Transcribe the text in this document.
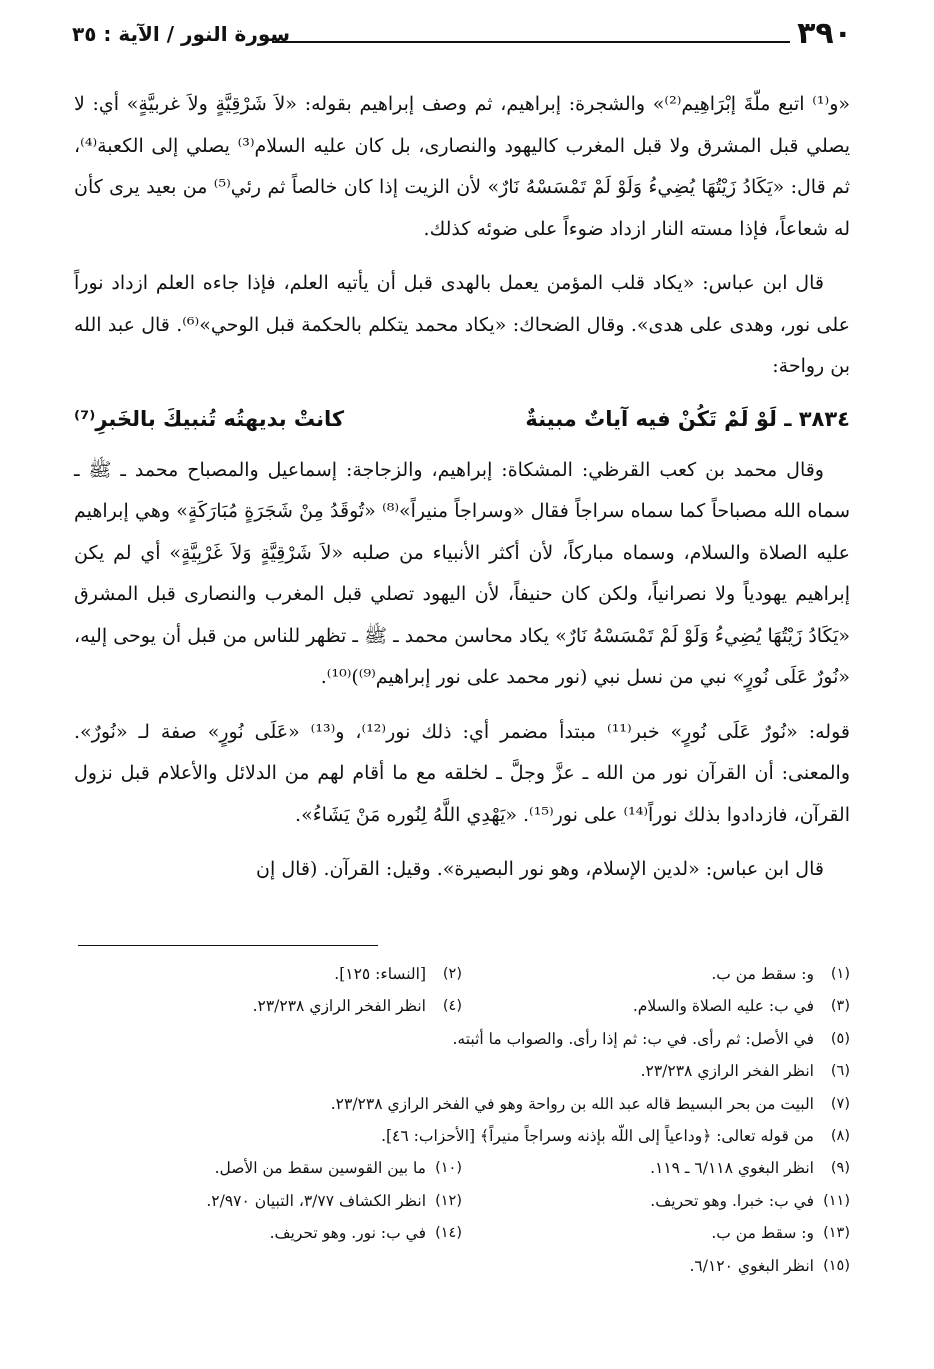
٣٩٠
سورة النور / الآية : ٣٥

«و⁽¹⁾ اتبع ملّةَ إبْرَاهِيم⁽²⁾» والشجرة: إبراهيم، ثم وصف إبراهيم بقوله: «لاَ شَرْقِيَّةٍ ولاَ غربيَّةٍ» أي: لا يصلي قبل المشرق ولا قبل المغرب كاليهود والنصارى، بل كان عليه السلام⁽³⁾ يصلي إلى الكعبة⁽⁴⁾، ثم قال: «يَكَادُ زَيْتُهَا يُضِيءُ وَلَوْ لَمْ تَمْسَسْهُ نَارٌ» لأن الزيت إذا كان خالصاً ثم رئي⁽⁵⁾ من بعيد يرى كأن له شعاعاً، فإذا مسته النار ازداد ضوءاً على ضوئه كذلك.

قال ابن عباس: «يكاد قلب المؤمن يعمل بالهدى قبل أن يأتيه العلم، فإذا جاءه العلم ازداد نوراً على نور، وهدى على هدى». وقال الضحاك: «يكاد محمد يتكلم بالحكمة قبل الوحي»⁽⁶⁾. قال عبد الله بن رواحة:

٣٨٣٤ ـ لَوْ لَمْ تَكُنْ فيه آياتٌ مبينةٌ
كانتْ بديهتُه تُنبيكَ بالخَبرِ⁽⁷⁾

وقال محمد بن كعب القرظي: المشكاة: إبراهيم، والزجاجة: إسماعيل والمصباح محمد ـ ﷺ ـ سماه الله مصباحاً كما سماه سراجاً فقال «وسراجاً منيراً»⁽⁸⁾ «تُوقَدُ مِنْ شَجَرَةٍ مُبَارَكَةٍ» وهي إبراهيم عليه الصلاة والسلام، وسماه مباركاً، لأن أكثر الأنبياء من صلبه «لاَ شَرْقِيَّةٍ وَلاَ غَرْبِيَّةٍ» أي لم يكن إبراهيم يهودياً ولا نصرانياً، ولكن كان حنيفاً، لأن اليهود تصلي قبل المغرب والنصارى قبل المشرق «يَكَادُ زَيْتُهَا يُضِيءُ وَلَوْ لَمْ تَمْسَسْهُ نَارٌ» يكاد محاسن محمد ـ ﷺ ـ تظهر للناس من قبل أن يوحى إليه، «نُورٌ عَلَى نُورٍ» نبي من نسل نبي (نور محمد على نور إبراهيم⁽⁹⁾)⁽¹⁰⁾.

قوله: «نُورٌ عَلَى نُورٍ» خبر⁽¹¹⁾ مبتدأ مضمر أي: ذلك نور⁽¹²⁾، و⁽¹³⁾ «عَلَى نُورٍ» صفة لـ «نُورٌ». والمعنى: أن القرآن نور من الله ـ عزَّ وجلَّ ـ لخلقه مع ما أقام لهم من الدلائل والأعلام قبل نزول القرآن، فازدادوا بذلك نوراً⁽¹⁴⁾ على نور⁽¹⁵⁾. «يَهْدِي اللَّهُ لِنُوره مَنْ يَشَاءُ».

قال ابن عباس: «لدين الإسلام، وهو نور البصيرة». وقيل: القرآن. (قال إن

(١)
و: سقط من ب.
(٢)
[النساء: ١٢٥].
(٣)
في ب: عليه الصلاة والسلام.
(٤)
انظر الفخر الرازي ٢٣/٢٣٨.
(٥)
في الأصل: ثم رأى. في ب: ثم إذا رأى. والصواب ما أثبته.
(٦)
انظر الفخر الرازي ٢٣/٢٣٨.
(٧)
البيت من بحر البسيط قاله عبد الله بن رواحة وهو في الفخر الرازي ٢٣/٢٣٨.
(٨)
من قوله تعالى: ﴿وداعياً إلى اللّه بإذنه وسراجاً منيراً﴾ [الأحزاب: ٤٦].
(٩)
انظر البغوي ٦/١١٨ ـ ١١٩.
(١٠)
ما بين القوسين سقط من الأصل.
(١١)
في ب: خبرا. وهو تحريف.
(١٢)
انظر الكشاف ٣/٧٧، التبيان ٢/٩٧٠.
(١٣)
و: سقط من ب.
(١٤)
في ب: نور. وهو تحريف.
(١٥)
انظر البغوي ٦/١٢٠.
